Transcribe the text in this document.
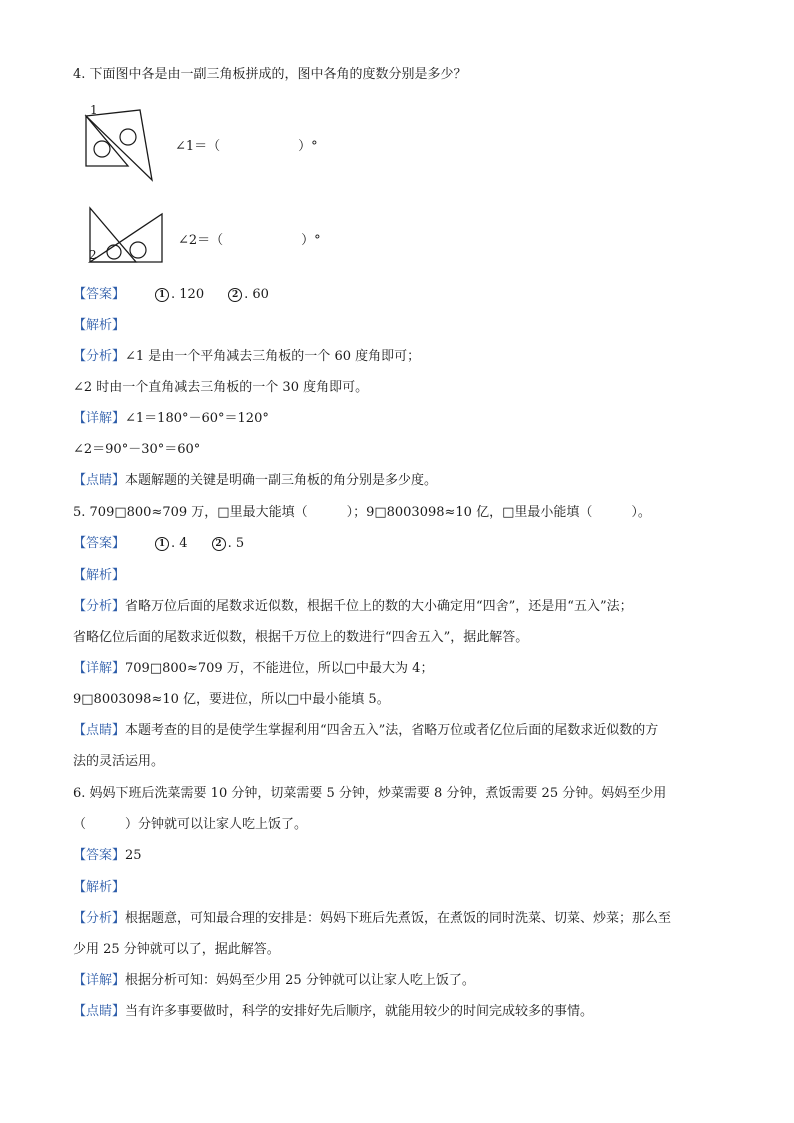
4. 下面图中各是由一副三角板拼成的，图中各角的度数分别是多少？
1
∠1＝（	）°
2
∠2＝（	）°
【答案】	1 . 120	2 . 60
【解析】
【分析】∠1 是由一个平角减去三角板的一个 60 度角即可；
∠2 时由一个直角减去三角板的一个 30 度角即可。
【详解】∠1＝180°－60°＝120°
∠2＝90°－30°＝60°
【点睛】本题解题的关键是明确一副三角板的角分别是多少度。
5. 709□800≈709 万，□里最大能填（　　　）；9□8003098≈10 亿，□里最小能填（　　　）。
【答案】	1 . 4	2 . 5
【解析】
【分析】省略万位后面的尾数求近似数，根据千位上的数的大小确定用“四舍”，还是用“五入”法；
省略亿位后面的尾数求近似数，根据千万位上的数进行“四舍五入”，据此解答。
【详解】709□800≈709 万，不能进位，所以□中最大为 4；
9□8003098≈10 亿，要进位，所以□中最小能填 5。
【点睛】本题考查的目的是使学生掌握利用“四舍五入”法，省略万位或者亿位后面的尾数求近似数的方
法的灵活运用。
6. 妈妈下班后洗菜需要 10 分钟，切菜需要 5 分钟，炒菜需要 8 分钟，煮饭需要 25 分钟。妈妈至少用
（　　　）分钟就可以让家人吃上饭了。
【答案】25
【解析】
【分析】根据题意，可知最合理的安排是：妈妈下班后先煮饭，在煮饭的同时洗菜、切菜、炒菜；那么至
少用 25 分钟就可以了，据此解答。
【详解】根据分析可知：妈妈至少用 25 分钟就可以让家人吃上饭了。
【点睛】当有许多事要做时，科学的安排好先后顺序，就能用较少的时间完成较多的事情。
